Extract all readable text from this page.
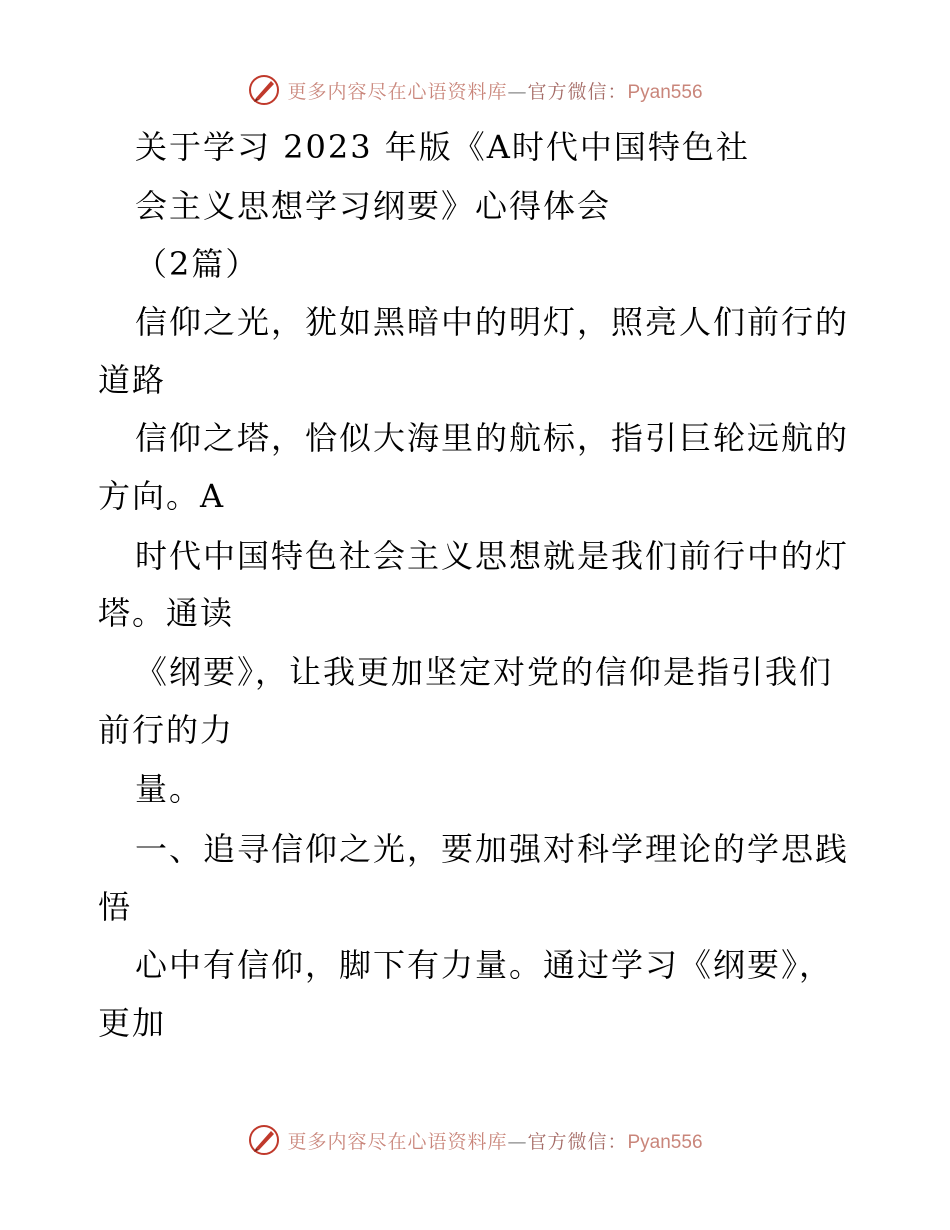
更多内容尽在心语资料库—官方微信：Pyan556
关于学习 2023 年版《A时代中国特色社
会主义思想学习纲要》心得体会
（2篇）
信仰之光，犹如黑暗中的明灯，照亮人们前行的
道路
信仰之塔，恰似大海里的航标，指引巨轮远航的
方向。A
时代中国特色社会主义思想就是我们前行中的灯
塔。通读
《纲要》，让我更加坚定对党的信仰是指引我们
前行的力
量。
一、追寻信仰之光，要加强对科学理论的学思践
悟
心中有信仰，脚下有力量。通过学习《纲要》，
更加
更多内容尽在心语资料库—官方微信：Pyan556
